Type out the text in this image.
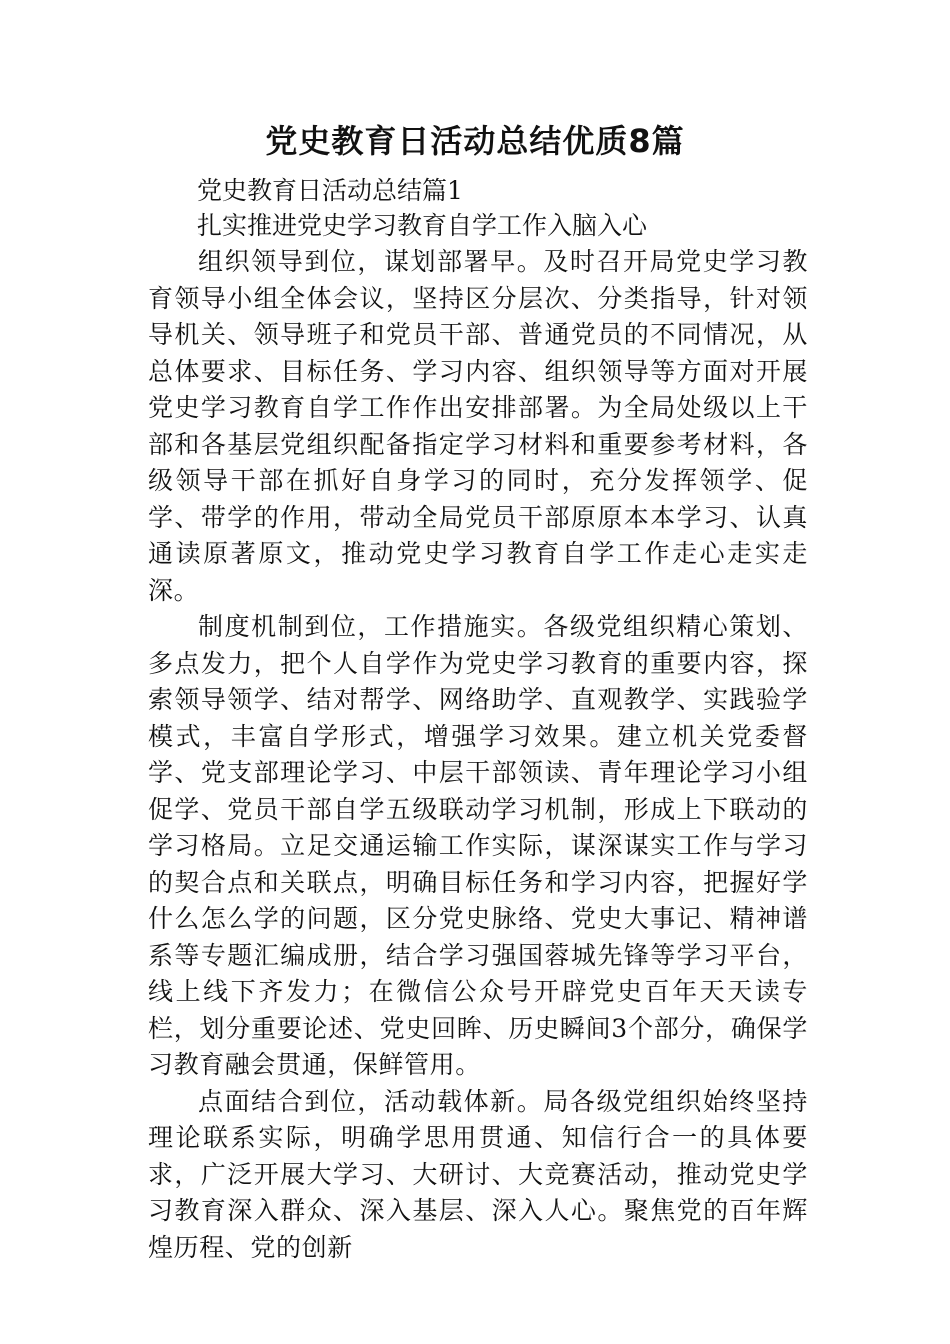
党史教育日活动总结优质8篇
党史教育日活动总结篇1
扎实推进党史学习教育自学工作入脑入心

组织领导到位，谋划部署早。及时召开局党史学习教育领导小组全体会议，坚持区分层次、分类指导，针对领导机关、领导班子和党员干部、普通党员的不同情况，从总体要求、目标任务、学习内容、组织领导等方面对开展党史学习教育自学工作作出安排部署。为全局处级以上干部和各基层党组织配备指定学习材料和重要参考材料，各级领导干部在抓好自身学习的同时，充分发挥领学、促学、带学的作用，带动全局党员干部原原本本学习、认真通读原著原文，推动党史学习教育自学工作走心走实走深。

制度机制到位，工作措施实。各级党组织精心策划、多点发力，把个人自学作为党史学习教育的重要内容，探索领导领学、结对帮学、网络助学、直观教学、实践验学模式，丰富自学形式，增强学习效果。建立机关党委督学、党支部理论学习、中层干部领读、青年理论学习小组促学、党员干部自学五级联动学习机制，形成上下联动的学习格局。立足交通运输工作实际，谋深谋实工作与学习的契合点和关联点，明确目标任务和学习内容，把握好学什么怎么学的问题，区分党史脉络、党史大事记、精神谱系等专题汇编成册，结合学习强国蓉城先锋等学习平台，线上线下齐发力；在微信公众号开辟党史百年天天读专栏，划分重要论述、党史回眸、历史瞬间3个部分，确保学习教育融会贯通，保鲜管用。

点面结合到位，活动载体新。局各级党组织始终坚持理论联系实际，明确学思用贯通、知信行合一的具体要求，广泛开展大学习、大研讨、大竞赛活动，推动党史学习教育深入群众、深入基层、深入人心。聚焦党的百年辉煌历程、党的创新
